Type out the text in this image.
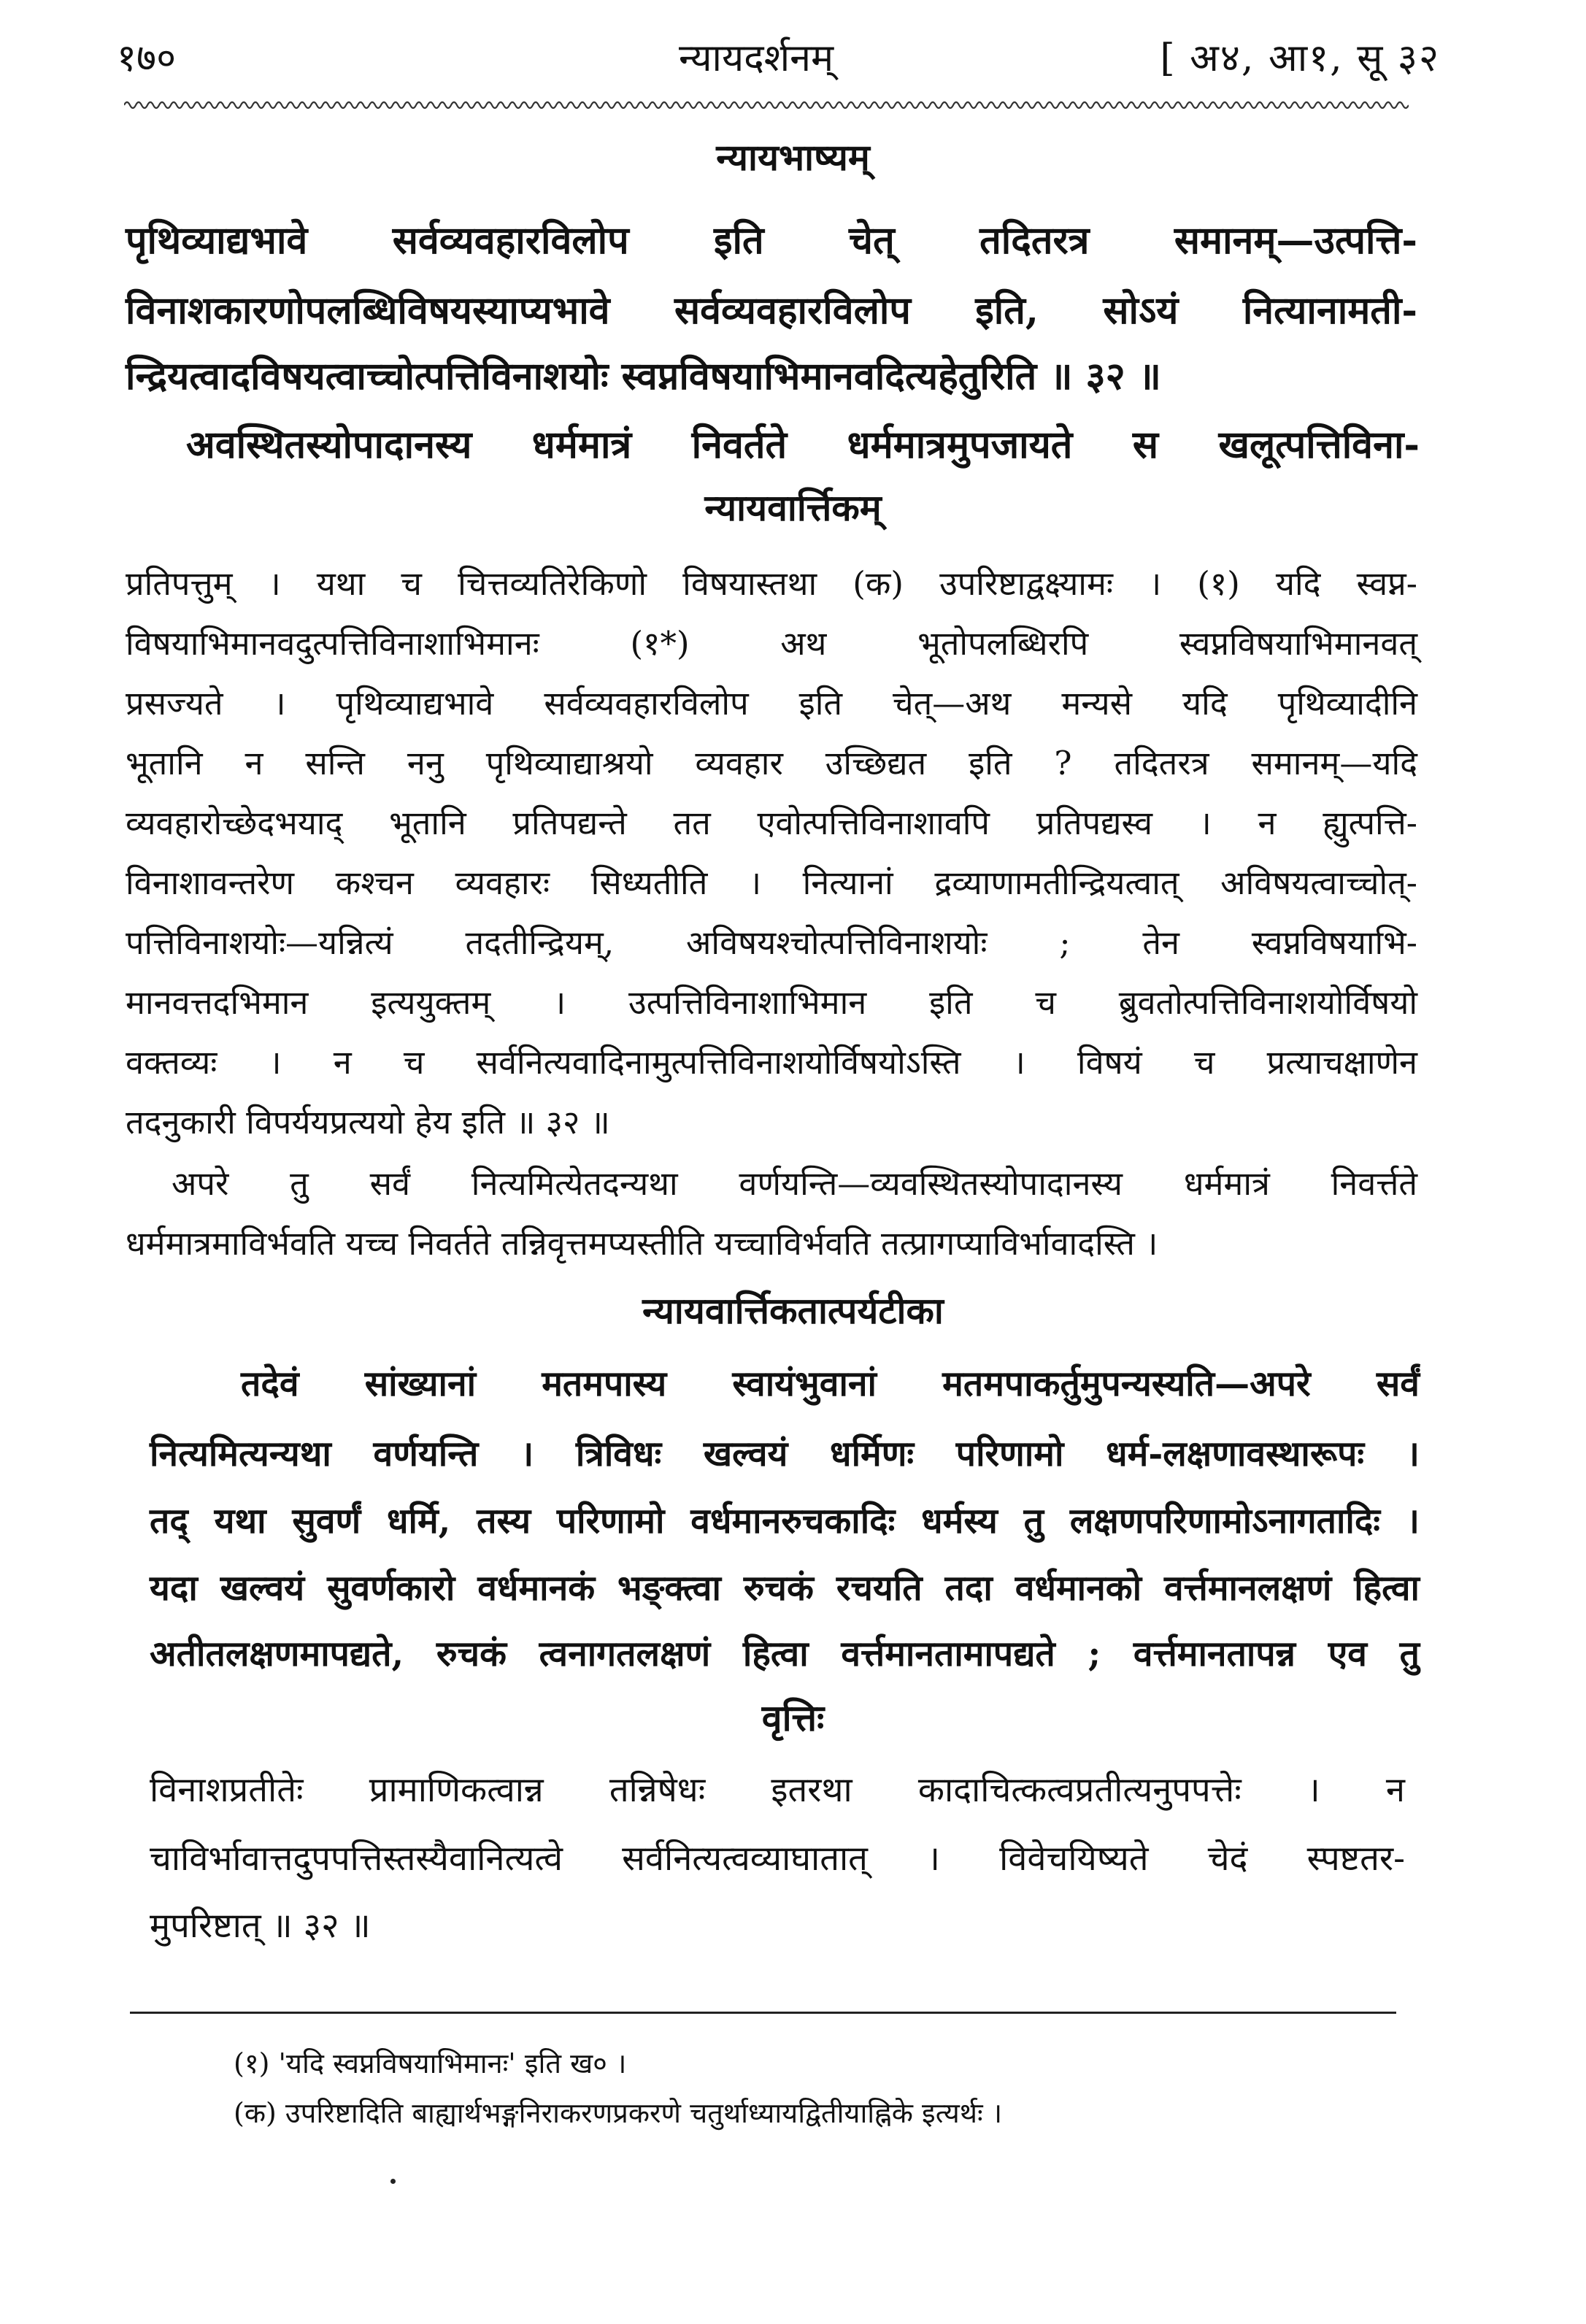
१७०	न्यायदर्शनम्	[ अ४, आ१, सू ३२
न्यायभाष्यम्
पृथिव्याद्यभावे सर्वव्यवहारविलोप इति चेत् तदितरत्र समानम्—उत्पत्ति-
विनाशकारणोपलब्धिविषयस्याप्यभावे सर्वव्यवहारविलोप इति, सोऽयं नित्यानामती-
न्द्रियत्वादविषयत्वाच्चोत्पत्तिविनाशयोः स्वप्नविषयाभिमानवदित्यहेतुरिति ॥ ३२ ॥
अवस्थितस्योपादानस्य धर्ममात्रं निवर्तते धर्ममात्रमुपजायते स खलूत्पत्तिविना-
न्यायवार्त्तिकम्
प्रतिपत्तुम् । यथा च चित्तव्यतिरेकिणो विषयास्तथा (क) उपरिष्टाद्वक्ष्यामः । (१) यदि स्वप्न-
विषयाभिमानवदुत्पत्तिविनाशाभिमानः (१*) अथ भूतोपलब्धिरपि स्वप्नविषयाभिमानवत्
प्रसज्यते । पृथिव्याद्यभावे सर्वव्यवहारविलोप इति चेत्—अथ मन्यसे यदि पृथिव्यादीनि
भूतानि न सन्ति ननु पृथिव्याद्याश्रयो व्यवहार उच्छिद्यत इति ? तदितरत्र समानम्—यदि
व्यवहारोच्छेदभयाद् भूतानि प्रतिपद्यन्ते तत एवोत्पत्तिविनाशावपि प्रतिपद्यस्व । न ह्युत्पत्ति-
विनाशावन्तरेण कश्चन व्यवहारः सिध्यतीति । नित्यानां द्रव्याणामतीन्द्रियत्वात् अविषयत्वाच्चोत्-
पत्तिविनाशयोः—यन्नित्यं तदतीन्द्रियम्, अविषयश्चोत्पत्तिविनाशयोः ; तेन स्वप्नविषयाभि-
मानवत्तदभिमान इत्ययुक्तम् । उत्पत्तिविनाशाभिमान इति च ब्रुवतोत्पत्तिविनाशयोर्विषयो
वक्तव्यः । न च सर्वनित्यवादिनामुत्पत्तिविनाशयोर्विषयोऽस्ति । विषयं च प्रत्याचक्षाणेन
तदनुकारी विपर्ययप्रत्ययो हेय इति ॥ ३२ ॥
अपरे तु सर्वं नित्यमित्येतदन्यथा वर्णयन्ति—व्यवस्थितस्योपादानस्य धर्ममात्रं निवर्त्तते
धर्ममात्रमाविर्भवति यच्च निवर्तते तन्निवृत्तमप्यस्तीति यच्चाविर्भवति तत्प्रागप्याविर्भावादस्ति ।
न्यायवार्त्तिकतात्पर्यटीका
तदेवं सांख्यानां मतमपास्य स्वायंभुवानां मतमपाकर्तुमुपन्यस्यति—अपरे सर्वं
नित्यमित्यन्यथा वर्णयन्ति । त्रिविधः खल्वयं धर्मिणः परिणामो धर्म-लक्षणावस्थारूपः ।
तद् यथा सुवर्णं धर्मि, तस्य परिणामो वर्धमानरुचकादिः धर्मस्य तु लक्षणपरिणामोऽनागतादिः ।
यदा खल्वयं सुवर्णकारो वर्धमानकं भङ्क्त्वा रुचकं रचयति तदा वर्धमानको वर्त्तमानलक्षणं हित्वा
अतीतलक्षणमापद्यते, रुचकं त्वनागतलक्षणं हित्वा वर्त्तमानतामापद्यते ; वर्त्तमानतापन्न एव तु
वृत्तिः
विनाशप्रतीतेः प्रामाणिकत्वान्न तन्निषेधः इतरथा कादाचित्कत्वप्रतीत्यनुपपत्तेः । न
चाविर्भावात्तदुपपत्तिस्तस्यैवानित्यत्वे सर्वनित्यत्वव्याघातात् । विवेचयिष्यते चेदं स्पष्टतर-
मुपरिष्टात् ॥ ३२ ॥
(१) 'यदि स्वप्नविषयाभिमानः' इति ख० ।
(क) उपरिष्टादिति बाह्यार्थभङ्गनिराकरणप्रकरणे चतुर्थाध्यायद्वितीयाह्निके इत्यर्थः ।
